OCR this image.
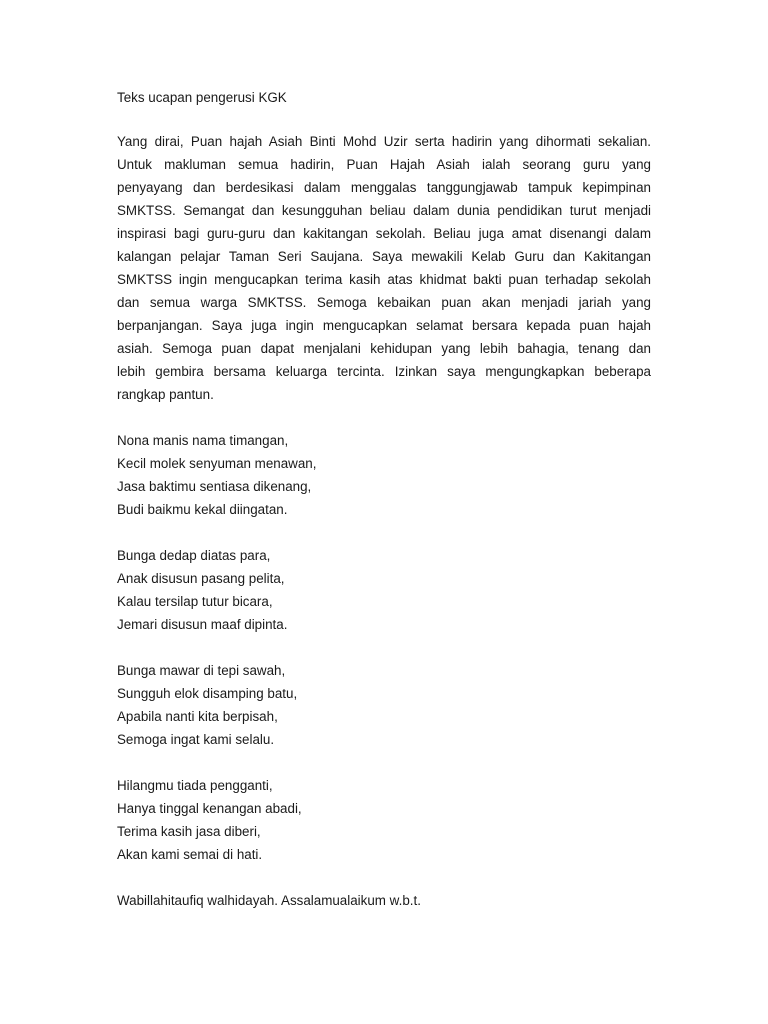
Teks ucapan pengerusi KGK
Yang dirai, Puan hajah Asiah Binti Mohd Uzir serta hadirin yang dihormati sekalian.
Untuk makluman semua hadirin, Puan Hajah Asiah ialah seorang guru yang
penyayang dan berdesikasi dalam menggalas tanggungjawab tampuk kepimpinan
SMKTSS. Semangat dan kesungguhan beliau dalam dunia pendidikan turut menjadi
inspirasi bagi guru-guru dan kakitangan sekolah. Beliau juga amat disenangi dalam
kalangan pelajar Taman Seri Saujana. Saya mewakili Kelab Guru dan Kakitangan
SMKTSS ingin mengucapkan terima kasih atas khidmat bakti puan terhadap sekolah
dan semua warga SMKTSS. Semoga kebaikan puan akan menjadi jariah yang
berpanjangan. Saya juga ingin mengucapkan selamat bersara kepada puan hajah
asiah. Semoga puan dapat menjalani kehidupan yang lebih bahagia, tenang dan
lebih gembira bersama keluarga tercinta. Izinkan saya mengungkapkan beberapa
rangkap pantun.
Nona manis nama timangan,
Kecil molek senyuman menawan,
Jasa baktimu sentiasa dikenang,
Budi baikmu kekal diingatan.
Bunga dedap diatas para,
Anak disusun pasang pelita,
Kalau tersilap tutur bicara,
Jemari disusun maaf dipinta.
Bunga mawar di tepi sawah,
Sungguh elok disamping batu,
Apabila nanti kita berpisah,
Semoga ingat kami selalu.
Hilangmu tiada pengganti,
Hanya tinggal kenangan abadi,
Terima kasih jasa diberi,
Akan kami semai di hati.
Wabillahitaufiq walhidayah. Assalamualaikum w.b.t.
